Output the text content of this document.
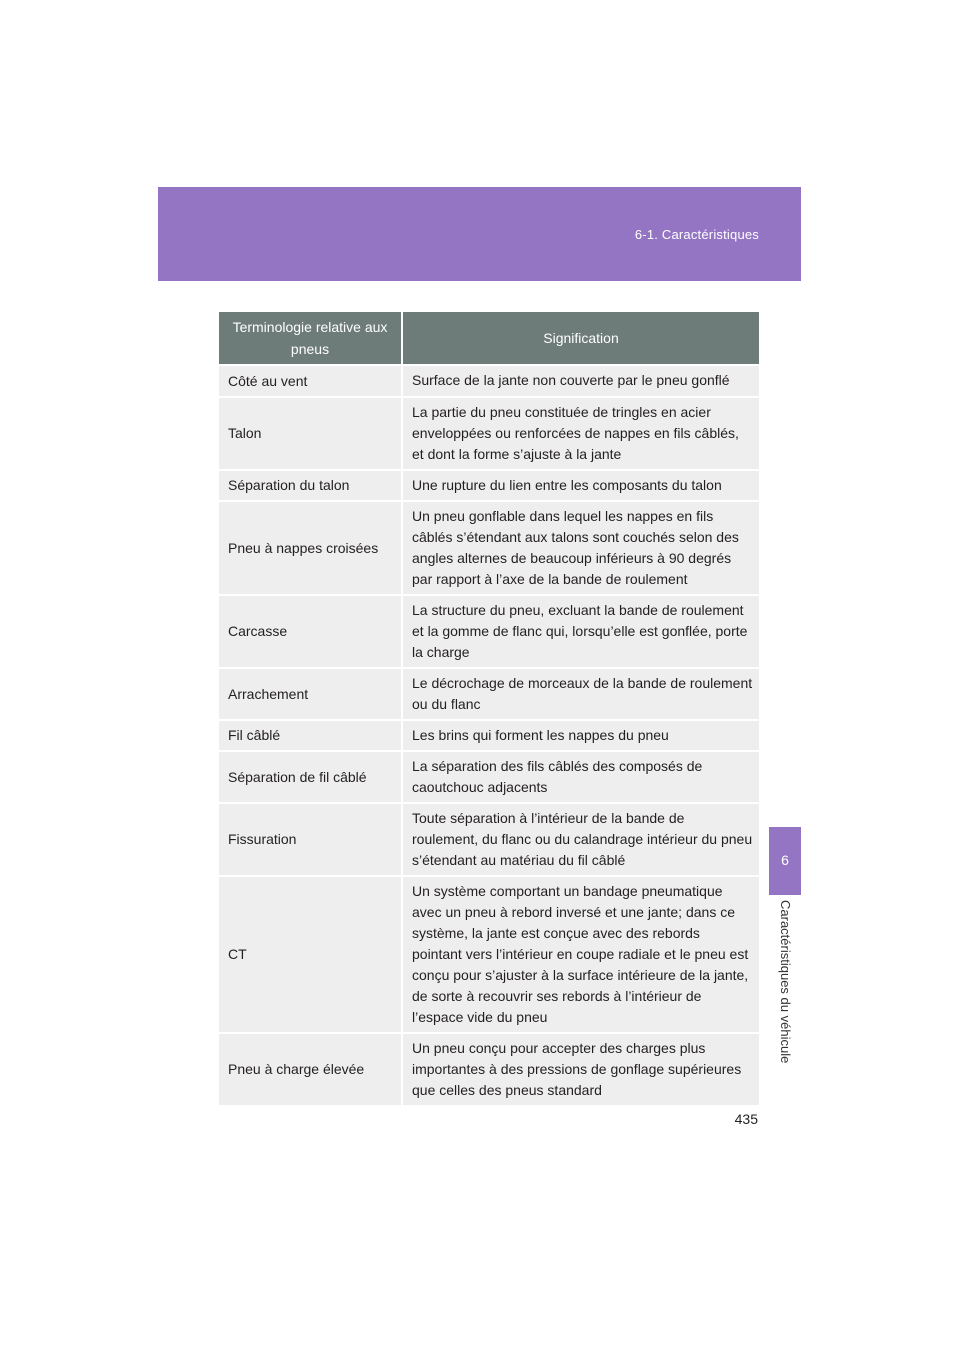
6-1. Caractéristiques
6
Caractéristiques du véhicule
Terminologie relative aux pneus	Signification
Côté au vent	Surface de la jante non couverte par le pneu gonflé
Talon	La partie du pneu constituée de tringles en acier enveloppées ou renforcées de nappes en fils câblés, et dont la forme s’ajuste à la jante
Séparation du talon	Une rupture du lien entre les composants du talon
Pneu à nappes croisées	Un pneu gonflable dans lequel les nappes en fils câblés s’étendant aux talons sont couchés selon des angles alternes de beaucoup inférieurs à 90 degrés par rapport à l’axe de la bande de roulement
Carcasse	La structure du pneu, excluant la bande de roulement et la gomme de flanc qui, lorsqu’elle est gonflée, porte la charge
Arrachement	Le décrochage de morceaux de la bande de roulement ou du flanc
Fil câblé	Les brins qui forment les nappes du pneu
Séparation de fil câblé	La séparation des fils câblés des composés de caoutchouc adjacents
Fissuration	Toute séparation à l’intérieur de la bande de roulement, du flanc ou du calandrage intérieur du pneu s’étendant au matériau du fil câblé
CT	Un système comportant un bandage pneumatique avec un pneu à rebord inversé et une jante; dans ce système, la jante est conçue avec des rebords pointant vers l’intérieur en coupe radiale et le pneu est conçu pour s’ajuster à la surface intérieure de la jante, de sorte à recouvrir ses rebords à l’intérieur de l’espace vide du pneu
Pneu à charge élevée	Un pneu conçu pour accepter des charges plus importantes à des pressions de gonflage supérieures que celles des pneus standard
435
